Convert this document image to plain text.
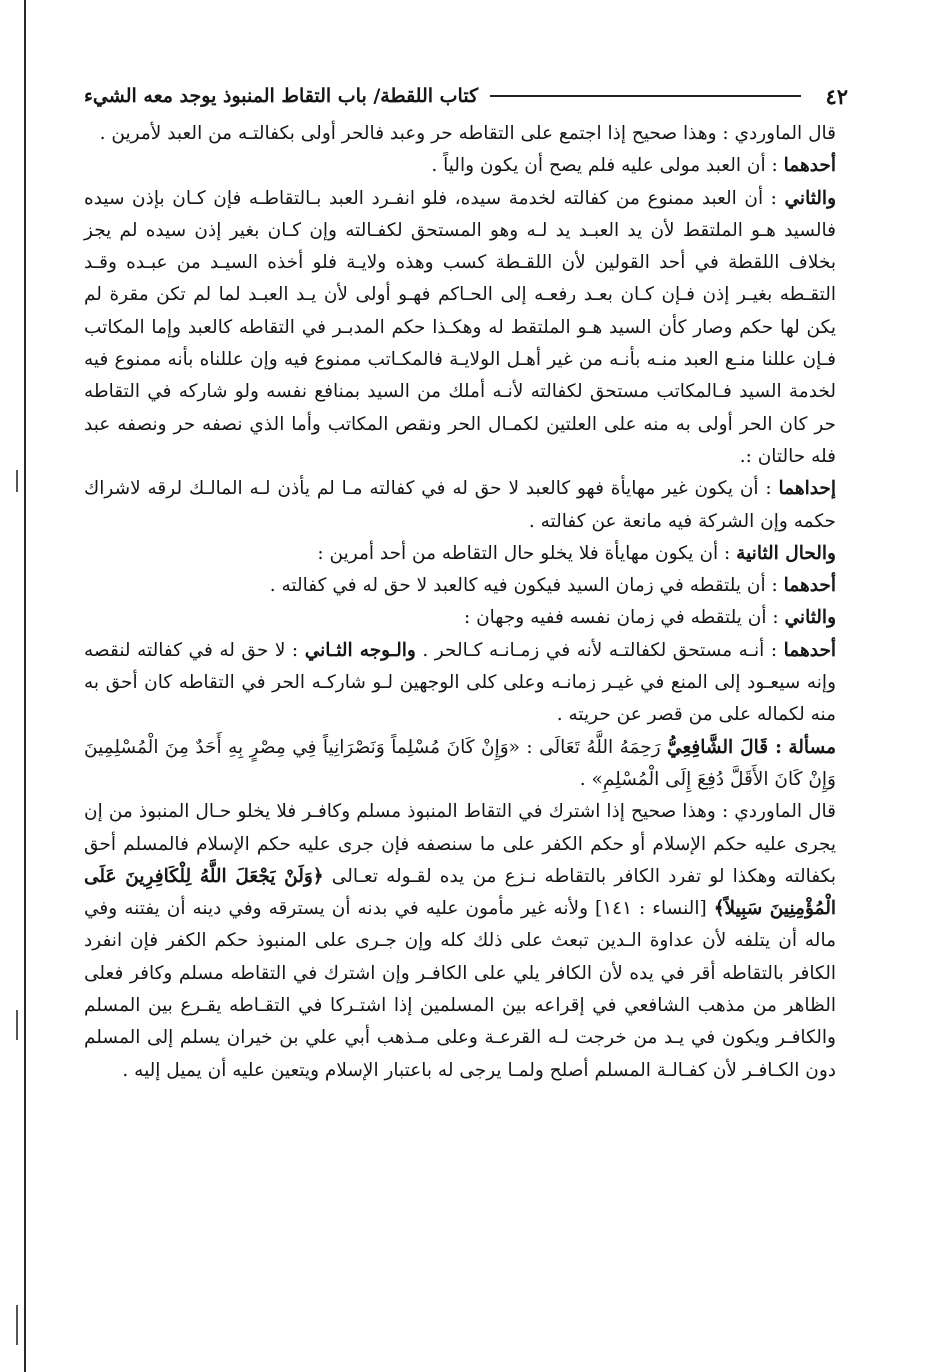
٤٢
كتاب اللقطة/ باب التقاط المنبوذ يوجد معه الشيء

قال الماوردي : وهذا صحيح إذا اجتمع على التقاطه حر وعبد فالحر أولى بكفالتـه من العبد لأمرين .

أحدهما : أن العبد مولى عليه فلم يصح أن يكون والياً .

والثاني : أن العبد ممنوع من كفالته لخدمة سيده، فلو انفـرد العبد بـالتقاطـه فإن كـان بإذن سيده فالسيد هـو الملتقط لأن يد العبـد يد لـه وهو المستحق لكفـالته وإن كـان بغير إذن سيده لم يجز بخلاف اللقطة في أحد القولين لأن اللقـطة كسب وهذه ولايـة فلو أخذه السيـد من عبـده وقـد التقـطه بغيـر إذن فـإن كـان بعـد رفعـه إلى الحـاكم فهـو أولى لأن يـد العبـد لما لم تكن مقرة لم يكن لها حكم وصار كأن السيد هـو الملتقط له وهكـذا حكم المدبـر في التقاطه كالعبد وإما المكاتب فـإن عللنا منـع العبد منـه بأنـه من غير أهـل الولايـة فالمكـاتب ممنوع فيه وإن عللناه بأنه ممنوع فيه لخدمة السيد فـالمكاتب مستحق لكفالته لأنـه أملك من السيد بمنافع نفسه ولو شاركه في التقاطه حر كان الحر أولى به منه على العلتين لكمـال الحر ونقص المكاتب وأما الذي نصفه حر ونصفه عبد فله حالتان :.

إحداهما : أن يكون غير مهايأة فهو كالعبد لا حق له في كفالته مـا لم يأذن لـه المالـك لرقه لاشراك حكمه وإن الشركة فيه مانعة عن كفالته .

والحال الثانية : أن يكون مهايأة فلا يخلو حال التقاطه من أحد أمرين :

أحدهما : أن يلتقطه في زمان السيد فيكون فيه كالعبد لا حق له في كفالته .

والثاني : أن يلتقطه في زمان نفسه ففيه وجهان :

أحدهما : أنـه مستحق لكفالتـه لأنه في زمـانـه كـالحر . والـوجه الثـاني : لا حق له في كفالته لنقصه وإنه سيعـود إلى المنع في غيـر زمانـه وعلى كلى الوجهين لـو شاركـه الحر في التقاطه كان أحق به منه لكماله على من قصر عن حريته .

مسألة : قَالَ الشَّافِعِيُّ رَحِمَهُ اللَّهُ تَعَالَى : «وَإِنْ كَانَ مُسْلِماً وَنَصْرَانِياً فِي مِصْرٍ بِهِ أَحَدٌ مِنَ الْمُسْلِمِينَ وَإِنْ كَانَ الأَقَلَّ دُفِعَ إِلَى الْمُسْلِمِ» .

قال الماوردي : وهذا صحيح إذا اشترك في التقاط المنبوذ مسلم وكافـر فلا يخلو حـال المنبوذ من إن يجرى عليه حكم الإسلام أو حكم الكفر على ما سنصفه فإن جرى عليه حكم الإسلام فالمسلم أحق بكفالته وهكذا لو تفرد الكافر بالتقاطه نـزع من يده لقـوله تعـالى ﴿وَلَنْ يَجْعَلَ اللَّهُ لِلْكَافِرِينَ عَلَى الْمُؤْمِنِينَ سَبِيلاً﴾ [النساء : ١٤١] ولأنه غير مأمون عليه في بدنه أن يسترقه وفي دينه أن يفتنه وفي ماله أن يتلفه لأن عداوة الـدين تبعث على ذلك كله وإن جـرى على المنبوذ حكم الكفر فإن انفرد الكافر بالتقاطه أقر في يده لأن الكافر يلي على الكافـر وإن اشترك في التقاطه مسلم وكافر فعلى الظاهر من مذهب الشافعي في إقراعه بين المسلمين إذا اشتـركا في التقـاطه يقـرع بين المسلم والكافـر ويكون في يـد من خرجت لـه القرعـة وعلى مـذهب أبي علي بن خيران يسلم إلى المسلم دون الكـافـر لأن كفـالـة المسلم أصلح ولمـا يرجى له باعتبار الإسلام ويتعين عليه أن يميل إليه .
